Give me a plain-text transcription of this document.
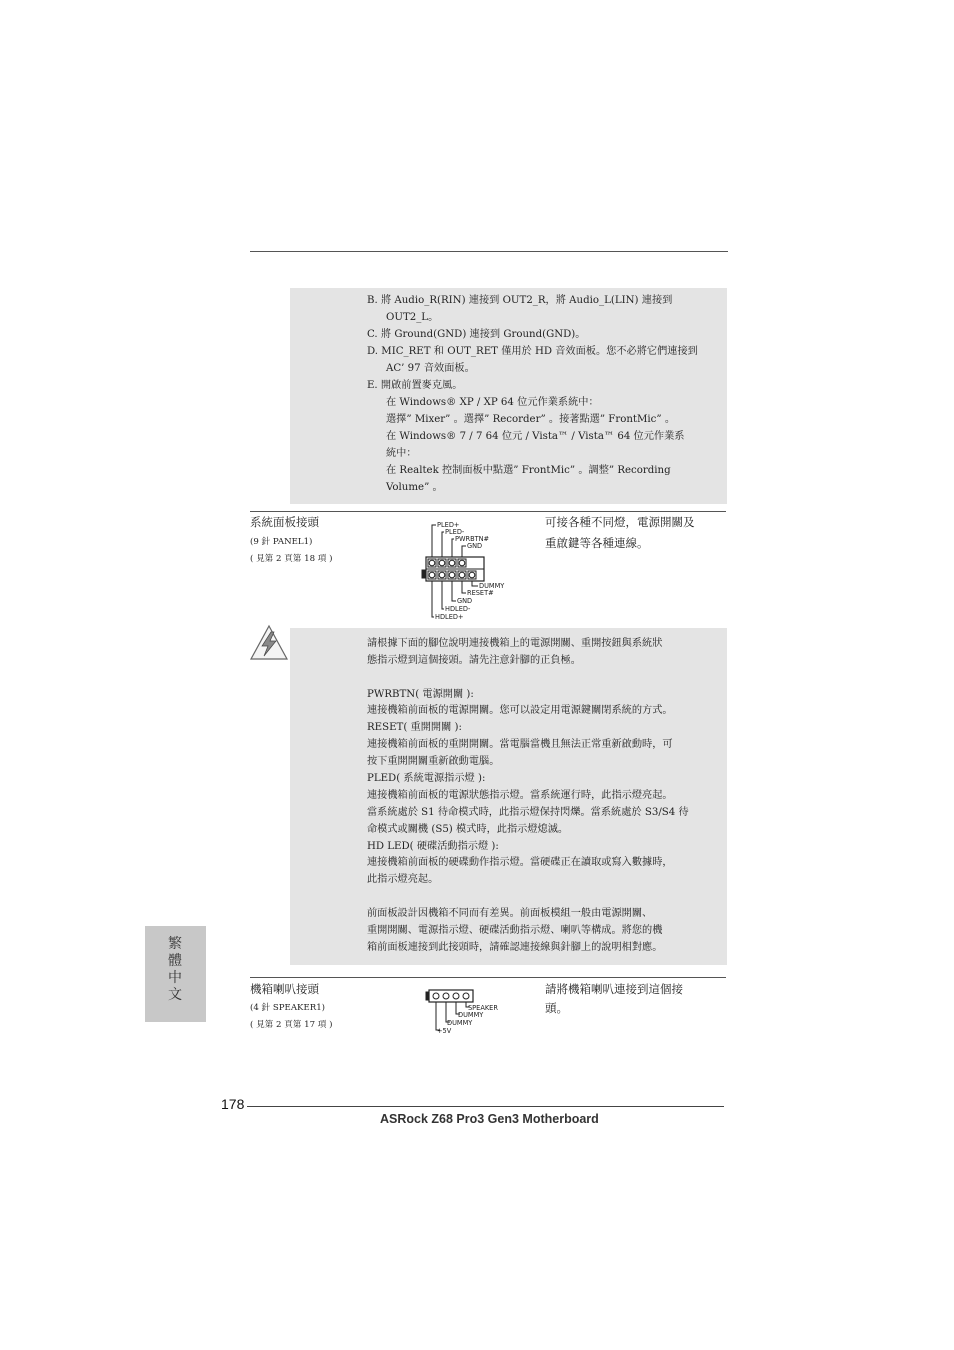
B. 將 Audio_R(RIN) 連接到 OUT2_R，將 Audio_L(LIN) 連接到
OUT2_L。
C. 將 Ground(GND) 連接到 Ground(GND)。
D. MIC_RET 和 OUT_RET 僅用於 HD 音效面板。您不必將它們連接到
AC’ 97 音效面板。
E. 開啟前置麥克風。
在 Windows® XP / XP 64 位元作業系統中：
選擇” Mixer” 。選擇” Recorder” 。接著點選” FrontMic” 。
在 Windows® 7 / 7 64 位元 / Vista™ / Vista™ 64 位元作業系
統中：
在 Realtek 控制面板中點選” FrontMic” 。調整” Recording
Volume” 。
系統面板接頭
(9 針 PANEL1)
( 見第 2 頁第 18 項 )
可接各種不同燈，電源開關及
重啟鍵等各種連線。
PLED+
PLED-
PWRBTN#
GND
DUMMY
RESET#
GND
HDLED-
HDLED+
請根據下面的腳位說明連接機箱上的電源開關、重開按鈕與系統狀
態指示燈到這個接頭。請先注意針腳的正負極。
PWRBTN( 電源開關 ):
連接機箱前面板的電源開關。您可以設定用電源鍵關閉系統的方式。
RESET( 重開開關 ):
連接機箱前面板的重開開關。當電腦當機且無法正常重新啟動時，可
按下重開開關重新啟動電腦。
PLED( 系統電源指示燈 ):
連接機箱前面板的電源狀態指示燈。當系統運行時，此指示燈亮起。
當系統處於 S1 待命模式時，此指示燈保持閃爍。當系統處於 S3/S4 待
命模式或關機 (S5) 模式時，此指示燈熄滅。
HD LED( 硬碟活動指示燈 ):
連接機箱前面板的硬碟動作指示燈。當硬碟正在讀取或寫入數據時，
此指示燈亮起。
前面板設計因機箱不同而有差異。前面板模組一般由電源開關、
重開開關、電源指示燈、硬碟活動指示燈、喇叭等構成。將您的機
箱前面板連接到此接頭時，請確認連接線與針腳上的說明相對應。
繁體中文	機箱喇叭接頭
(4 針 SPEAKER1)
( 見第 2 頁第 17 項 )
請將機箱喇叭連接到這個接
頭。
SPEAKER
DUMMY
DUMMY
+5V
178
ASRock Z68 Pro3 Gen3 Motherboard
